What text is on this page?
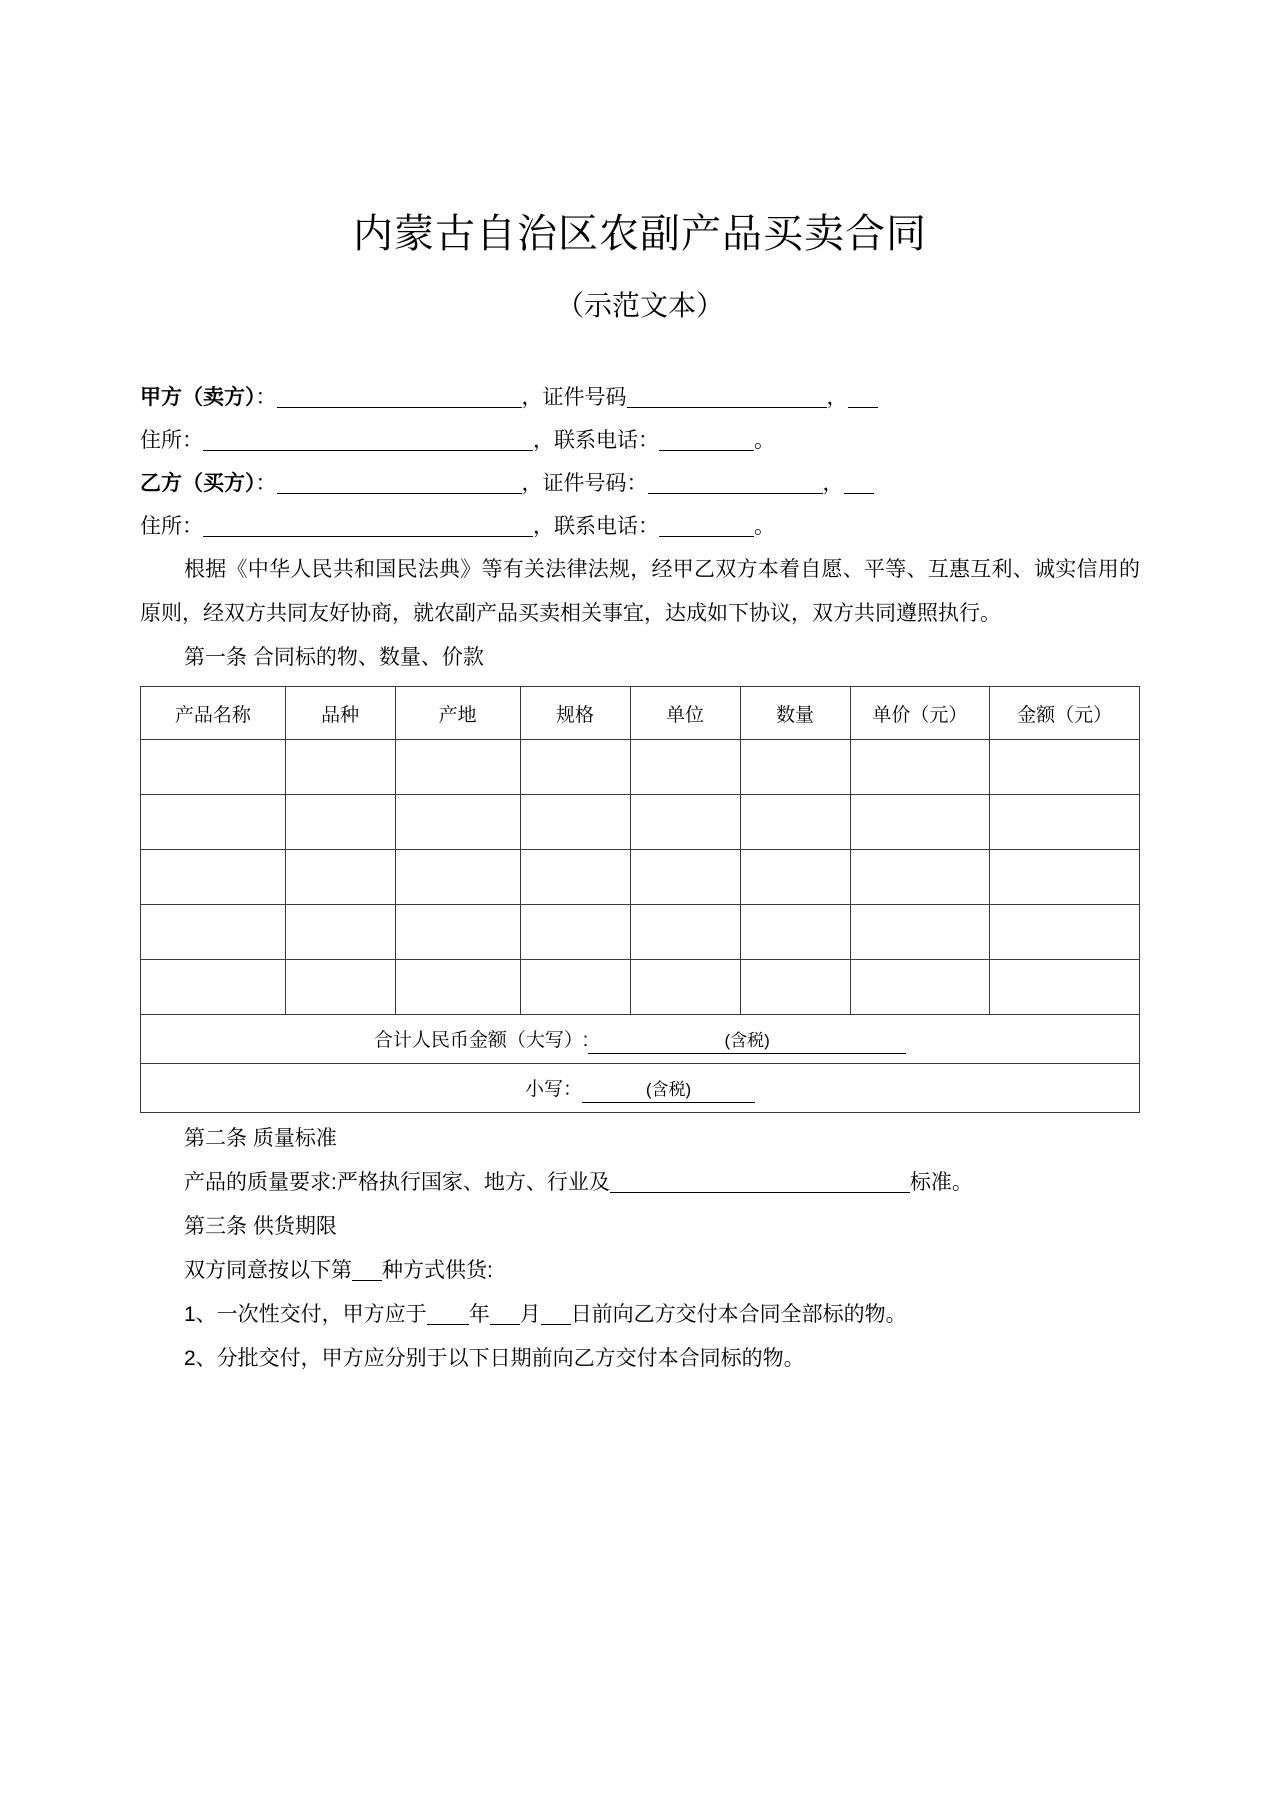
内蒙古自治区农副产品买卖合同
（示范文本）
甲方（卖方）：	，证件号码	，
住所：	，联系电话：	。
乙方（买方）：	，证件号码：	，
住所：	，联系电话：	。

根据《中华人民共和国民法典》等有关法律法规，经甲乙双方本着自愿、平等、互惠互利、诚实信用的原则，经双方共同友好协商，就农副产品买卖相关事宜，达成如下协议，双方共同遵照执行。

第一条 合同标的物、数量、价款
产品名称	品种	产地	规格	单位	数量	单价（元）	金额（元）

合计人民币金额（大写）: (含税)							
小写： (含税)							
第二条 质量标准
产品的质量要求:严格执行国家、地方、行业及	标准。
第三条 供货期限
双方同意按以下第 种方式供货:
1、一次性交付，甲方应于 年 月 日前向乙方交付本合同全部标的物。
2、分批交付，甲方应分别于以下日期前向乙方交付本合同标的物。
